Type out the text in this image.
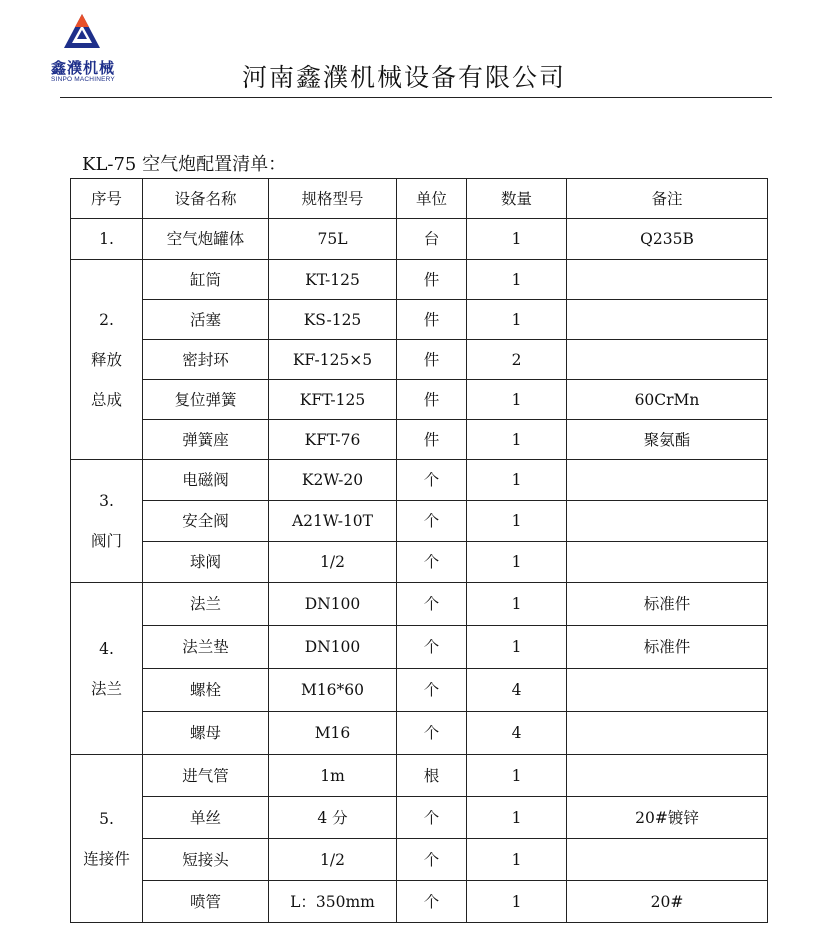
鑫濮机械
SINPO MACHINERY	河南鑫濮机械设备有限公司
KL-75 空气炮配置清单：
序号	设备名称	规格型号	单位	数量	备注

1.	空气炮罐体	75L	台	1	Q235B

2.
释放
总成	缸筒	KT-125	件	1	
	活塞	KS-125	件	1	
	密封环	KF-125×5	件	2	
	复位弹簧	KFT-125	件	1	60CrMn
	弹簧座	KFT-76	件	1	聚氨酯

3.
阀门	电磁阀	K2W-20	个	1	
	安全阀	A21W-10T	个	1	
	球阀	1/2	个	1	

4.
法兰	法兰	DN100	个	1	标准件
	法兰垫	DN100	个	1	标准件
	螺栓	M16*60	个	4	
	螺母	M16	个	4	

5.
连接件	进气管	1m	根	1	
	单丝	4 分	个	1	20#镀锌
	短接头	1/2	个	1	
	喷管	L：350mm	个	1	20#
